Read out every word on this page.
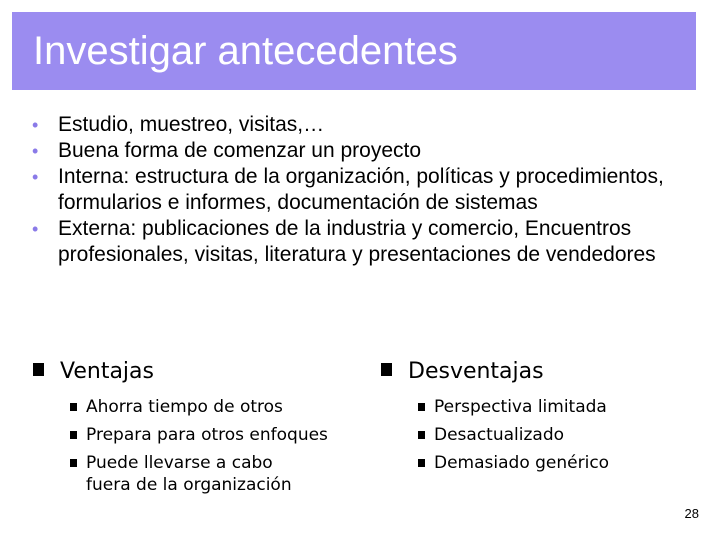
Investigar antecedentes
• Estudio, muestreo, visitas,…
• Buena forma de comenzar un proyecto
• Interna: estructura de la organización, políticas y procedimientos, formularios e informes, documentación de sistemas
• Externa: publicaciones de la industria y comercio, Encuentros profesionales, visitas, literatura y presentaciones de vendedores
Ventajas
Ahorra tiempo de otros
Prepara para otros enfoques
Puede llevarse a cabo fuera de la organización
Desventajas
Perspectiva limitada
Desactualizado
Demasiado genérico
28
